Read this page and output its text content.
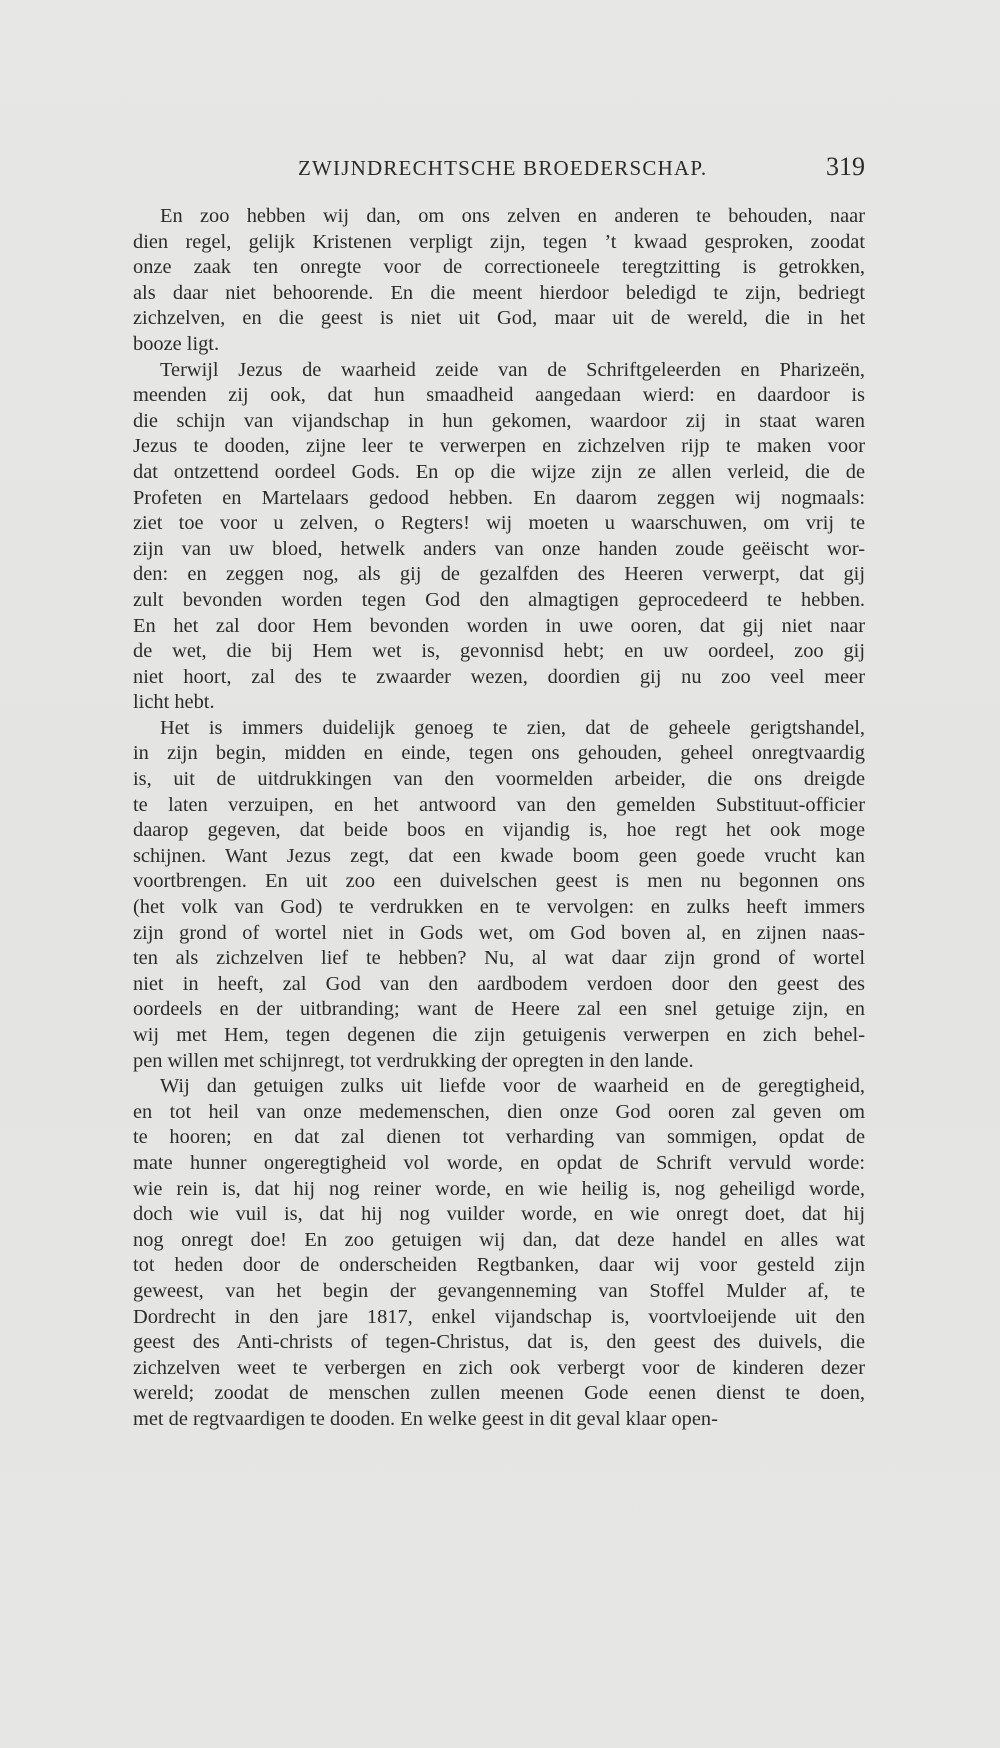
ZWIJNDRECHTSCHE BROEDERSCHAP.	319
En zoo hebben wij dan, om ons zelven en anderen te behouden, naar
dien regel, gelijk Kristenen verpligt zijn, tegen ’t kwaad gesproken, zoodat
onze zaak ten onregte voor de correctioneele teregtzitting is getrokken,
als daar niet behoorende. En die meent hierdoor beledigd te zijn, bedriegt
zichzelven, en die geest is niet uit God, maar uit de wereld, die in het
booze ligt.
Terwijl Jezus de waarheid zeide van de Schriftgeleerden en Pharizeën,
meenden zij ook, dat hun smaadheid aangedaan wierd: en daardoor is
die schijn van vijandschap in hun gekomen, waardoor zij in staat waren
Jezus te dooden, zijne leer te verwerpen en zichzelven rijp te maken voor
dat ontzettend oordeel Gods. En op die wijze zijn ze allen verleid, die de
Profeten en Martelaars gedood hebben. En daarom zeggen wij nogmaals:
ziet toe voor u zelven, o Regters! wij moeten u waarschuwen, om vrij te
zijn van uw bloed, hetwelk anders van onze handen zoude geëischt wor-
den: en zeggen nog, als gij de gezalfden des Heeren verwerpt, dat gij
zult bevonden worden tegen God den almagtigen geprocedeerd te hebben.
En het zal door Hem bevonden worden in uwe ooren, dat gij niet naar
de wet, die bij Hem wet is, gevonnisd hebt; en uw oordeel, zoo gij
niet hoort, zal des te zwaarder wezen, doordien gij nu zoo veel meer
licht hebt.
Het is immers duidelijk genoeg te zien, dat de geheele gerigtshandel,
in zijn begin, midden en einde, tegen ons gehouden, geheel onregtvaardig
is, uit de uitdrukkingen van den voormelden arbeider, die ons dreigde
te laten verzuipen, en het antwoord van den gemelden Substituut-officier
daarop gegeven, dat beide boos en vijandig is, hoe regt het ook moge
schijnen. Want Jezus zegt, dat een kwade boom geen goede vrucht kan
voortbrengen. En uit zoo een duivelschen geest is men nu begonnen ons
(het volk van God) te verdrukken en te vervolgen: en zulks heeft immers
zijn grond of wortel niet in Gods wet, om God boven al, en zijnen naas-
ten als zichzelven lief te hebben? Nu, al wat daar zijn grond of wortel
niet in heeft, zal God van den aardbodem verdoen door den geest des
oordeels en der uitbranding; want de Heere zal een snel getuige zijn, en
wij met Hem, tegen degenen die zijn getuigenis verwerpen en zich behel-
pen willen met schijnregt, tot verdrukking der opregten in den lande.
Wij dan getuigen zulks uit liefde voor de waarheid en de geregtigheid,
en tot heil van onze medemenschen, dien onze God ooren zal geven om
te hooren; en dat zal dienen tot verharding van sommigen, opdat de
mate hunner ongeregtigheid vol worde, en opdat de Schrift vervuld worde:
wie rein is, dat hij nog reiner worde, en wie heilig is, nog geheiligd worde,
doch wie vuil is, dat hij nog vuilder worde, en wie onregt doet, dat hij
nog onregt doe! En zoo getuigen wij dan, dat deze handel en alles wat
tot heden door de onderscheiden Regtbanken, daar wij voor gesteld zijn
geweest, van het begin der gevangenneming van Stoffel Mulder af, te
Dordrecht in den jare 1817, enkel vijandschap is, voortvloeijende uit den
geest des Anti-christs of tegen-Christus, dat is, den geest des duivels, die
zichzelven weet te verbergen en zich ook verbergt voor de kinderen dezer
wereld; zoodat de menschen zullen meenen Gode eenen dienst te doen,
met de regtvaardigen te dooden. En welke geest in dit geval klaar open-
